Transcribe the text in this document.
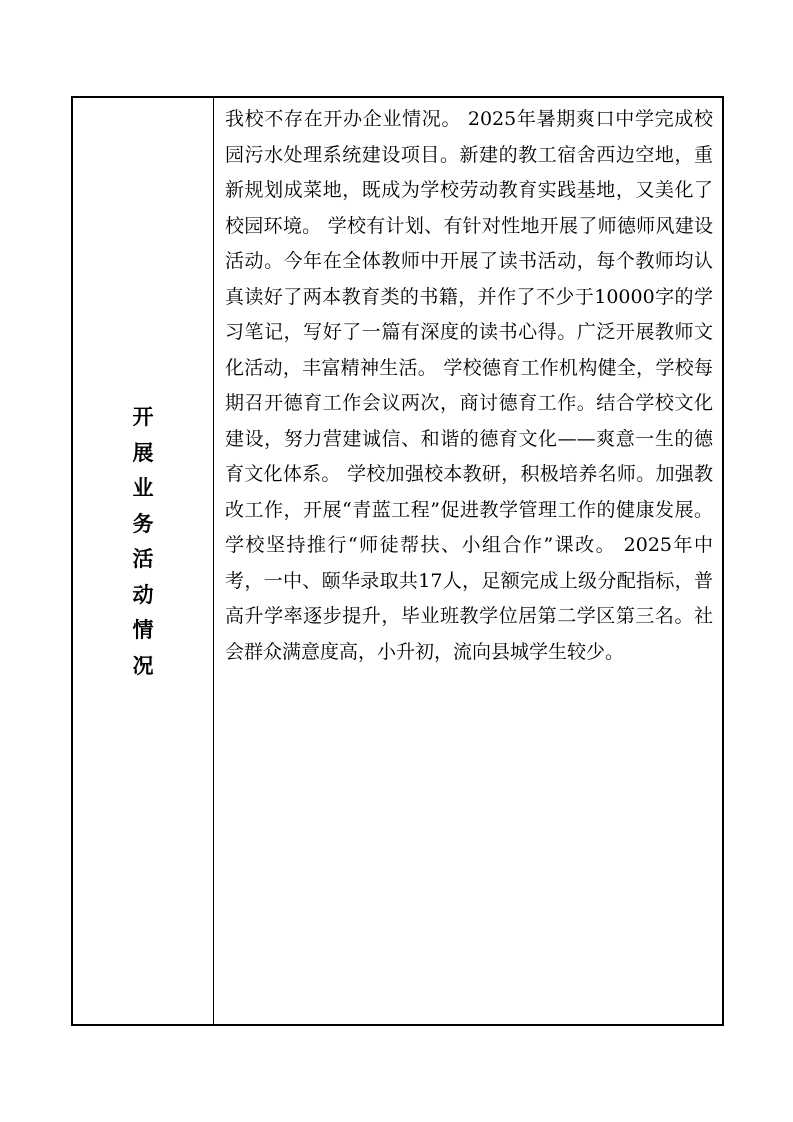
开
展
业
务
活
动
情
况

我校不存在开办企业情况。 2025年暑期爽口中学完成校园污水处理系统建设项目。新建的教工宿舍西边空地，重新规划成菜地，既成为学校劳动教育实践基地，又美化了校园环境。 学校有计划、有针对性地开展了师德师风建设活动。今年在全体教师中开展了读书活动，每个教师均认真读好了两本教育类的书籍，并作了不少于10000字的学习笔记，写好了一篇有深度的读书心得。广泛开展教师文化活动，丰富精神生活。 学校德育工作机构健全，学校每期召开德育工作会议两次，商讨德育工作。结合学校文化建设，努力营建诚信、和谐的德育文化——爽意一生的德育文化体系。 学校加强校本教研，积极培养名师。加强教改工作，开展“青蓝工程”促进教学管理工作的健康发展。学校坚持推行“师徒帮扶、小组合作”课改。 2025年中考，一中、颐华录取共17人，足额完成上级分配指标，普高升学率逐步提升，毕业班教学位居第二学区第三名。社会群众满意度高，小升初，流向县城学生较少。
